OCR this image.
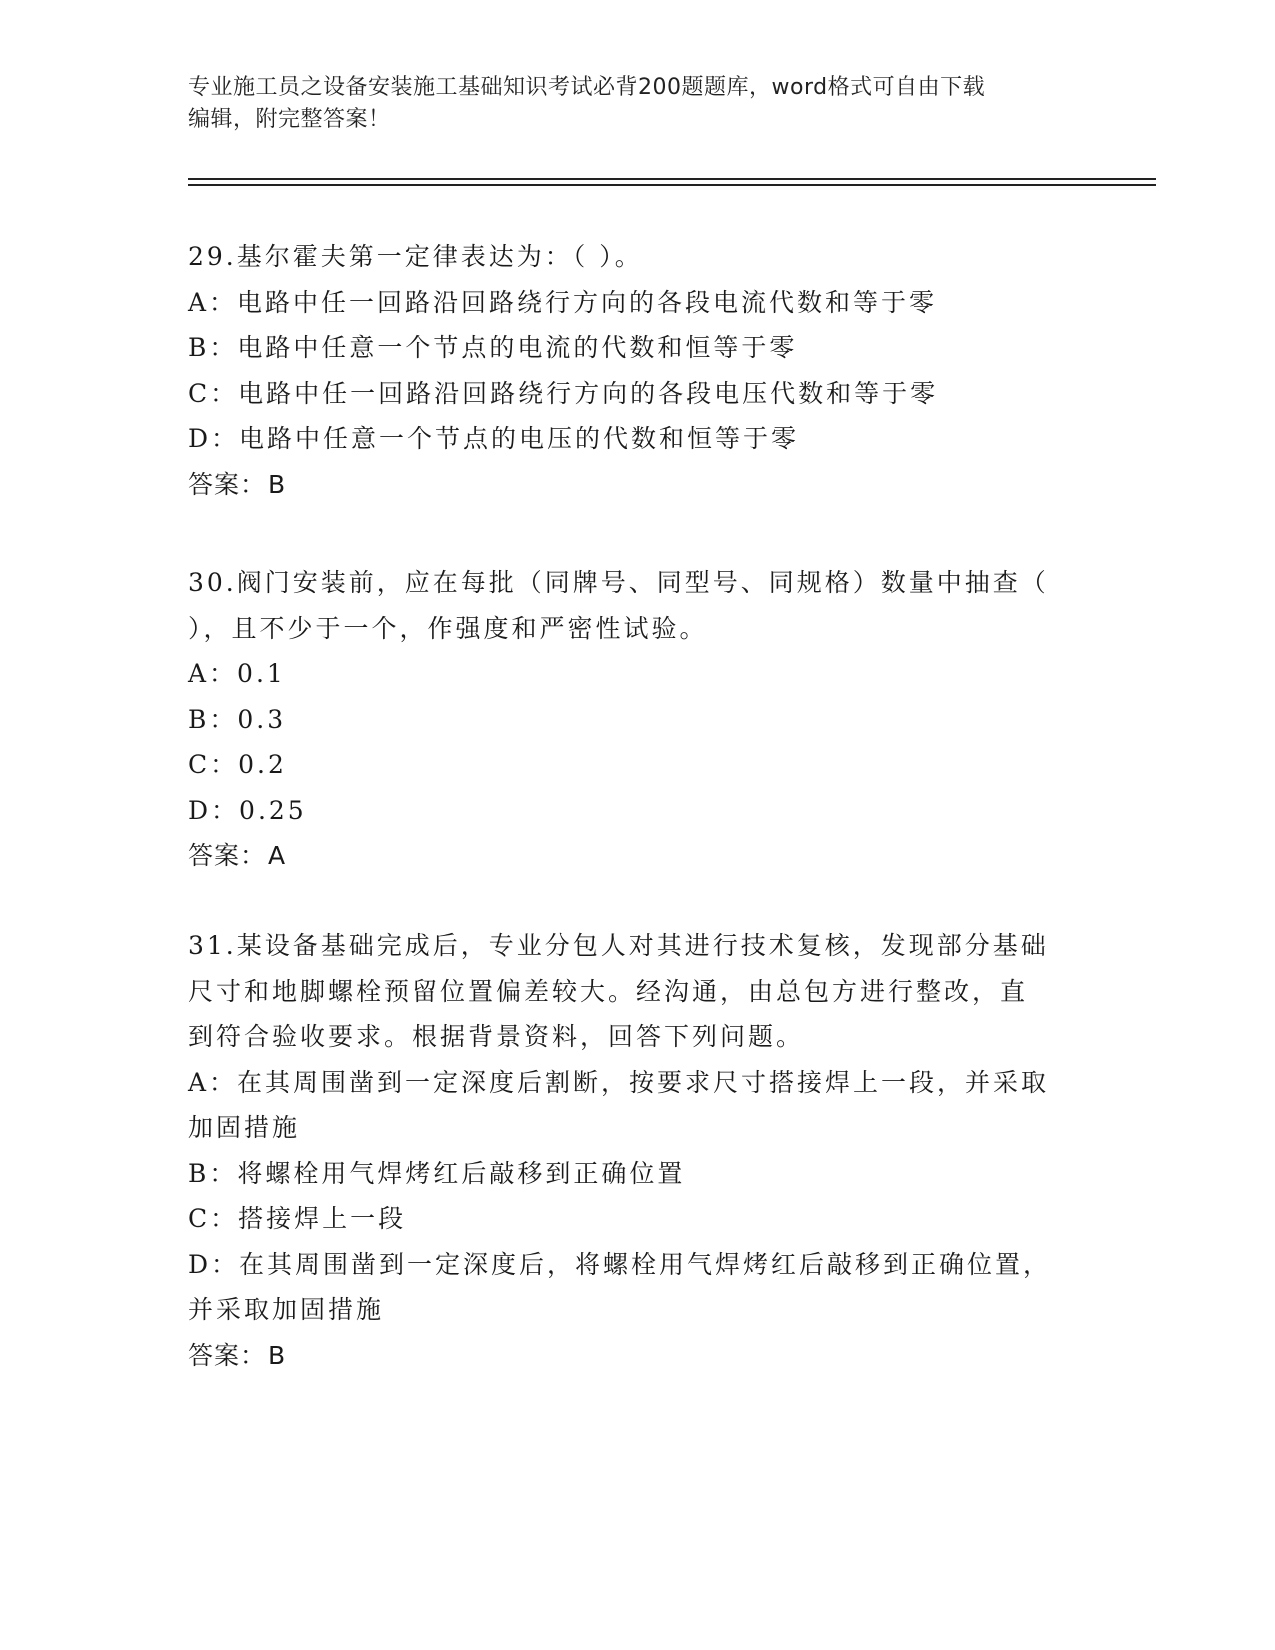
专业施工员之设备安装施工基础知识考试必背200题题库，word格式可自由下载
编辑，附完整答案！
29.基尔霍夫第一定律表达为：（ ）。
A：电路中任一回路沿回路绕行方向的各段电流代数和等于零
B：电路中任意一个节点的电流的代数和恒等于零
C：电路中任一回路沿回路绕行方向的各段电压代数和等于零
D：电路中任意一个节点的电压的代数和恒等于零
答案：B
30.阀门安装前，应在每批（同牌号、同型号、同规格）数量中抽查（
），且不少于一个，作强度和严密性试验。
A：0.1
B：0.3
C：0.2
D：0.25
答案：A
31.某设备基础完成后，专业分包人对其进行技术复核，发现部分基础
尺寸和地脚螺栓预留位置偏差较大。经沟通，由总包方进行整改，直
到符合验收要求。根据背景资料，回答下列问题。
A：在其周围凿到一定深度后割断，按要求尺寸搭接焊上一段，并采取
加固措施
B：将螺栓用气焊烤红后敲移到正确位置
C：搭接焊上一段
D：在其周围凿到一定深度后，将螺栓用气焊烤红后敲移到正确位置，
并采取加固措施
答案：B
